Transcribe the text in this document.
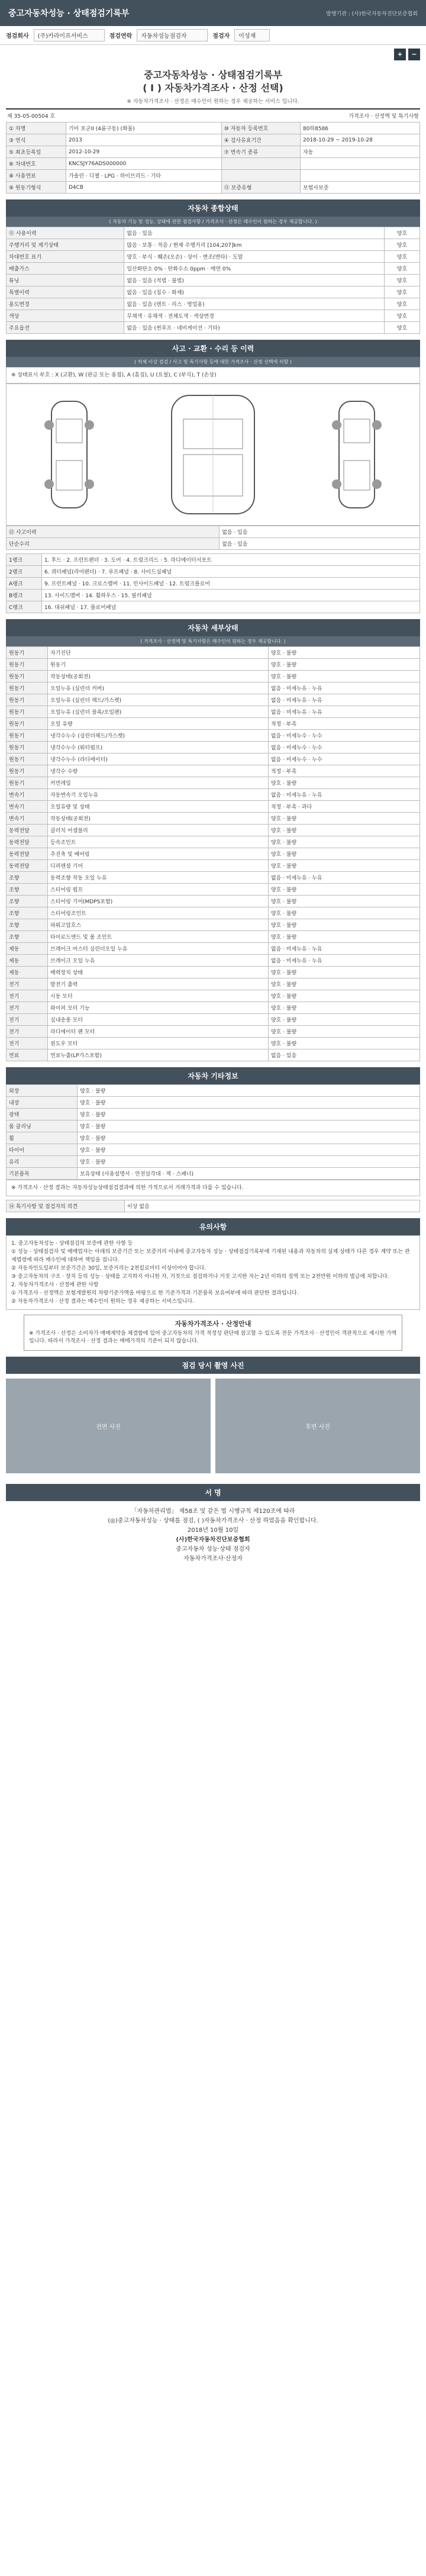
중고자동차성능 · 상태점검기록부	발행기관 : (사)한국자동차진단보증협회
점검회사	(주)카라이프서비스	점검연락	자동차성능점검자	점검자	이성재
+	−
중고자동차성능 · 상태점검기록부
( Ⅰ ) 자동차가격조사 · 산정 선택)
※ 자동차가격조사 · 산정은 매수인이 원하는 경우 제공하는 서비스 입니다.
제 35-05-00504 호	가격조사 · 산정액 및 특기사항
① 차명	기아 포군II (4륜구동) (화물)	⑩ 자동차 등록번호	80하8586
③ 연식	2013	④ 검사유효기간	2018-10-29 ~ 2019-10-28
⑤ 최초등록일	2012-10-29	⑦ 변속기 종류	자동
⑥ 차대번호	KNCSJY76ADS000000		
⑧ 사용연료	가솔린 · 디젤 · LPG · 하이브리드 · 기타		
⑨ 원동기형식	D4CB	⑪ 보증유형	보험사보증
자동차 종합상태
( 자동차 기능 및 성능, 상태에 관한 점검사항 / 가격조사 · 산정은 매수인이 원하는 경우 제공합니다. )
⑪ 사용이력	없음 · 있음	양호
주행거리 및 계기상태	많음 · 보통 · 적음 / 현재 주행거리 [104,207]km	양호
차대번호 표기	양호 · 부식 · 훼손(오손) · 상이 · 변조(변타) · 도말	양호
배출가스	일산화탄소 0% · 탄화수소 0ppm · 매연 0%	양호
튜닝	없음 · 있음 (적법 · 불법)	양호
특별이력	없음 · 있음 (침수 · 화재)	양호
용도변경	없음 · 있음 (렌트 · 리스 · 영업용)	양호
색상	무채색 · 유채색 · 전체도색 · 색상변경	양호
주요옵션	없음 · 있음 (썬루프 · 네비게이션 · 기타)	양호
사고 · 교환 · 수리 등 이력
( 차체 이상 점검 / 사고 및 특기사항 등에 대한 가격조사 · 산정 선택에 의함 )
※ 상태표시 부호 : X (교환), W (판금 또는 용접), A (흠집), U (요철), C (부식), T (손상)
⑫ 사고이력	없음 · 있음
단순수리	없음 · 있음
1랭크	1. 후드 · 2. 프런트펜더 · 3. 도어 · 4. 트렁크리드 · 5. 라디에이터서포트
2랭크	6. 쿼터패널(리어펜더) · 7. 루프패널 · 8. 사이드실패널
A랭크	9. 프런트패널 · 10. 크로스멤버 · 11. 인사이드패널 · 12. 트렁크플로어
B랭크	13. 사이드멤버 · 14. 휠하우스 · 15. 필러패널
C랭크	16. 대쉬패널 · 17. 플로어패널
자동차 세부상태
( 가격조사 · 산정액 및 특기사항은 매수인이 원하는 경우 제공합니다. )
원동기	자기진단	양호 · 불량
원동기	원동기	양호 · 불량
원동기	작동상태(공회전)	양호 · 불량
원동기	오일누유 (실린더 커버)	없음 · 미세누유 · 누유
원동기	오일누유 (실린더 헤드/가스켓)	없음 · 미세누유 · 누유
원동기	오일누유 (실린더 블록/오일팬)	없음 · 미세누유 · 누유
원동기	오일 유량	적정 · 부족
원동기	냉각수누수 (실린더헤드/가스켓)	없음 · 미세누수 · 누수
원동기	냉각수누수 (워터펌프)	없음 · 미세누수 · 누수
원동기	냉각수누수 (라디에이터)	없음 · 미세누수 · 누수
원동기	냉각수 수량	적정 · 부족
원동기	커먼레일	양호 · 불량
변속기	자동변속기 오일누유	없음 · 미세누유 · 누유
변속기	오일유량 및 상태	적정 · 부족 · 과다
변속기	작동상태(공회전)	양호 · 불량
동력전달	클러치 어셈블리	양호 · 불량
동력전달	등속조인트	양호 · 불량
동력전달	추진축 및 베어링	양호 · 불량
동력전달	디퍼렌셜 기어	양호 · 불량
조향	동력조향 작동 오일 누유	없음 · 미세누유 · 누유
조향	스티어링 펌프	양호 · 불량
조향	스티어링 기어(MDPS포함)	양호 · 불량
조향	스티어링조인트	양호 · 불량
조향	파워고압호스	양호 · 불량
조향	타이로드엔드 및 볼 조인트	양호 · 불량
제동	브레이크 마스터 실린더오일 누유	없음 · 미세누유 · 누유
제동	브레이크 오일 누유	없음 · 미세누유 · 누유
제동	배력장치 상태	양호 · 불량
전기	발전기 출력	양호 · 불량
전기	시동 모터	양호 · 불량
전기	와이퍼 모터 기능	양호 · 불량
전기	실내송풍 모터	양호 · 불량
전기	라디에이터 팬 모터	양호 · 불량
전기	윈도우 모터	양호 · 불량
연료	연료누출(LP가스포함)	없음 · 있음
자동차 기타정보
외장	양호 · 불량
내장	양호 · 불량
광택	양호 · 불량
룸 클리닝	양호 · 불량
휠	양호 · 불량
타이어	양호 · 불량
유리	양호 · 불량
기본품목	보유상태 (사용설명서 · 안전삼각대 · 잭 · 스패너)
※ 가격조사 · 산정 결과는 자동차성능상태점검결과에 의한 가격으로서 거래가격과 다를 수 있습니다.
⑭ 특기사항 및 점검자의 의견	이상 없음
유의사항
1. 중고자동차성능 · 상태점검의 보증에 관한 사항 등
① 성능 · 상태점검자 및 매매업자는 아래의 보증기간 또는 보증거리 이내에 중고자동차 성능 · 상태점검기록부에 기재된 내용과 자동차의 실제 상태가 다른 경우 계약 또는 관계법령에 따라 매수인에 대하여 책임을 집니다.
② 자동차인도일부터 보증기간은 30일, 보증거리는 2천킬로미터 이상이어야 합니다.
③ 중고자동차의 구조 · 장치 등의 성능 · 상태를 고지하지 아니한 자, 거짓으로 점검하거나 거짓 고지한 자는 2년 이하의 징역 또는 2천만원 이하의 벌금에 처합니다.
2. 자동차가격조사 · 산정에 관한 사항
① 가격조사 · 산정액은 보험개발원의 차량기준가액을 바탕으로 한 기준가격과 기본품목 보유여부에 따라 판단한 결과입니다.
② 자동차가격조사 · 산정 결과는 매수인이 원하는 경우 제공하는 서비스입니다.
자동차가격조사 · 산정안내
※ 가격조사 · 산정은 소비자가 매매계약을 체결함에 있어 중고자동차의 가격 적정성 판단에 참고할 수 있도록 전문 가격조사 · 산정인이 객관적으로 제시한 가액입니다. 따라서 가격조사 · 산정 결과는 매매가격의 기준이 되지 않습니다.
점검 당시 촬영 사진
전면 사진	후면 사진
서 명
「자동차관리법」 제58조 및 같은 법 시행규칙 제120조에 따라
(◎)중고자동차성능 · 상태를 점검, ( )자동차가격조사 · 산정 하였음을 확인합니다.
2018년 10월 10일
(사)한국자동차진단보증협회
중고자동차 성능·상태 점검자
자동차가격조사·산정자
